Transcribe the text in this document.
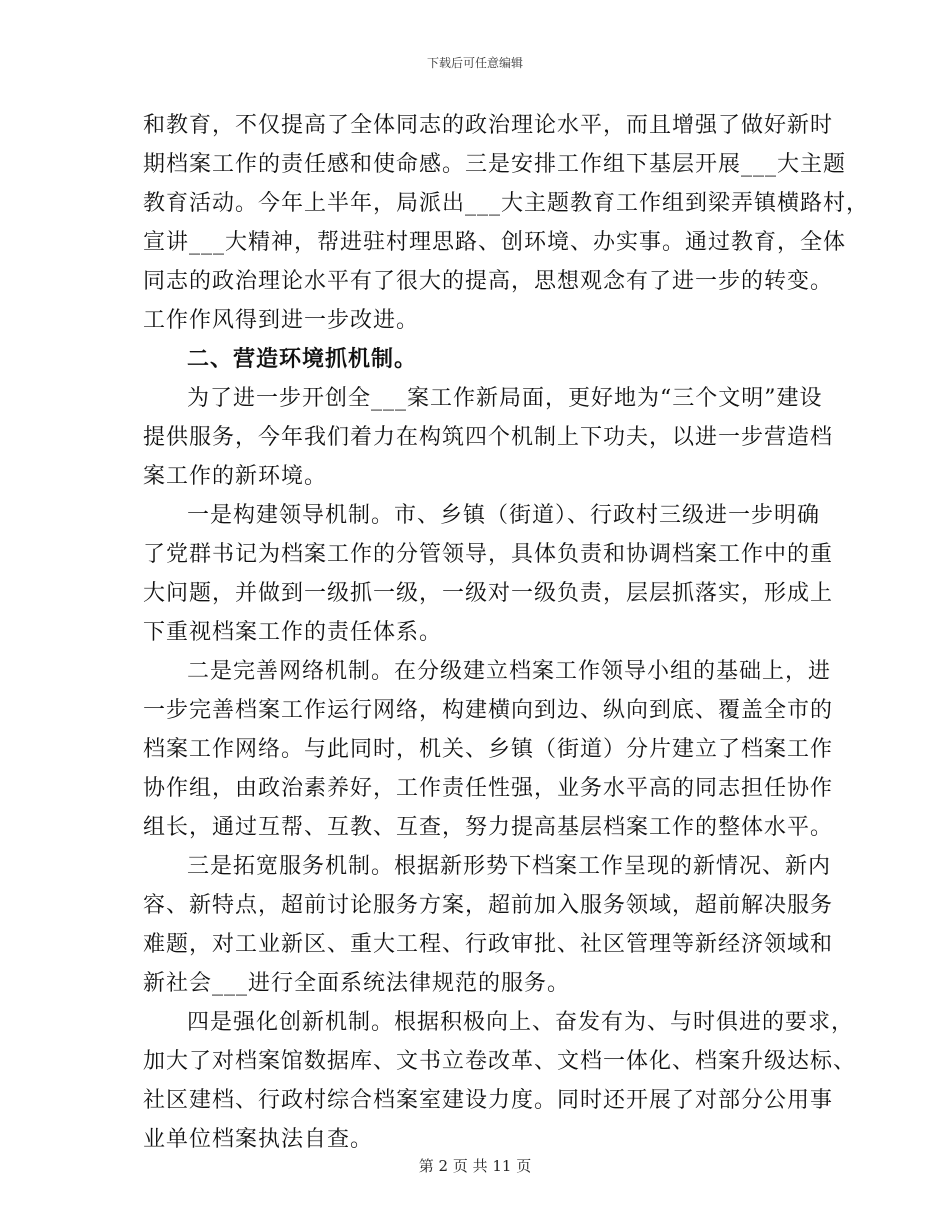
下载后可任意编辑
和教育，不仅提高了全体同志的政治理论水平，而且增强了做好新时
期档案工作的责任感和使命感。三是安排工作组下基层开展___大主题
教育活动。今年上半年，局派出___大主题教育工作组到梁弄镇横路村，
宣讲___大精神，帮进驻村理思路、创环境、办实事。通过教育，全体
同志的政治理论水平有了很大的提高，思想观念有了进一步的转变。
工作作风得到进一步改进。
二、营造环境抓机制。
为了进一步开创全___案工作新局面，更好地为“三个文明”建设
提供服务，今年我们着力在构筑四个机制上下功夫，以进一步营造档
案工作的新环境。
一是构建领导机制。市、乡镇（街道）、行政村三级进一步明确
了党群书记为档案工作的分管领导，具体负责和协调档案工作中的重
大问题，并做到一级抓一级，一级对一级负责，层层抓落实，形成上
下重视档案工作的责任体系。
二是完善网络机制。在分级建立档案工作领导小组的基础上，进
一步完善档案工作运行网络，构建横向到边、纵向到底、覆盖全市的
档案工作网络。与此同时，机关、乡镇（街道）分片建立了档案工作
协作组，由政治素养好，工作责任性强，业务水平高的同志担任协作
组长，通过互帮、互教、互查，努力提高基层档案工作的整体水平。
三是拓宽服务机制。根据新形势下档案工作呈现的新情况、新内
容、新特点，超前讨论服务方案，超前加入服务领域，超前解决服务
难题，对工业新区、重大工程、行政审批、社区管理等新经济领域和
新社会___进行全面系统法律规范的服务。
四是强化创新机制。根据积极向上、奋发有为、与时俱进的要求，
加大了对档案馆数据库、文书立卷改革、文档一体化、档案升级达标、
社区建档、行政村综合档案室建设力度。同时还开展了对部分公用事
业单位档案执法自查。
第 2 页 共 11 页
